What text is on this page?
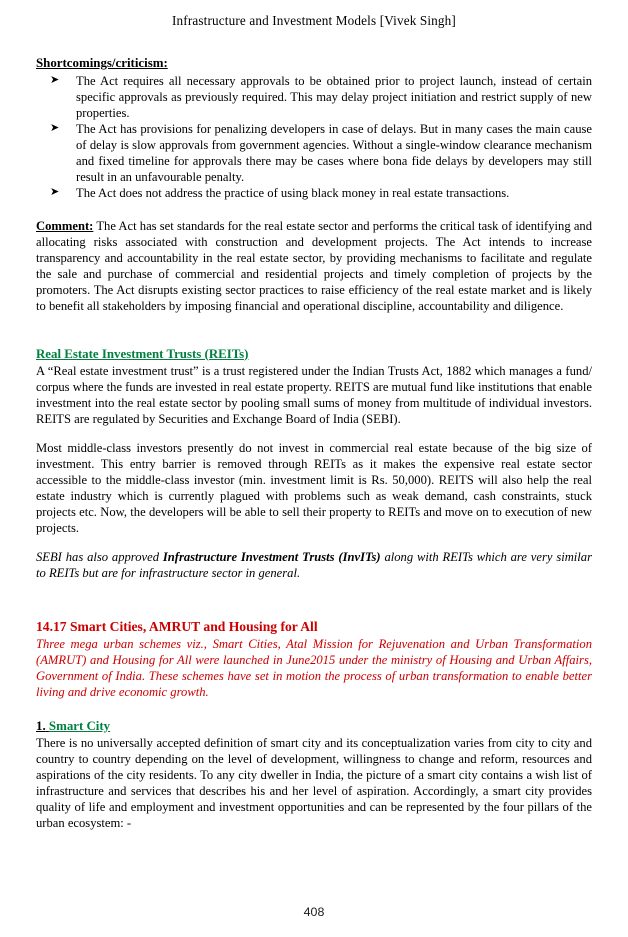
Infrastructure and Investment Models [Vivek Singh]
Shortcomings/criticism:
➤ The Act requires all necessary approvals to be obtained prior to project launch, instead of certain specific approvals as previously required. This may delay project initiation and restrict supply of new properties.
➤ The Act has provisions for penalizing developers in case of delays. But in many cases the main cause of delay is slow approvals from government agencies. Without a single-window clearance mechanism and fixed timeline for approvals there may be cases where bona fide delays by developers may still result in an unfavourable penalty.
➤ The Act does not address the practice of using black money in real estate transactions.

Comment: The Act has set standards for the real estate sector and performs the critical task of identifying and allocating risks associated with construction and development projects. The Act intends to increase transparency and accountability in the real estate sector, by providing mechanisms to facilitate and regulate the sale and purchase of commercial and residential projects and timely completion of projects by the promoters. The Act disrupts existing sector practices to raise efficiency of the real estate market and is likely to benefit all stakeholders by imposing financial and operational discipline, accountability and diligence.

Real Estate Investment Trusts (REITs)

A “Real estate investment trust” is a trust registered under the Indian Trusts Act, 1882 which manages a fund/ corpus where the funds are invested in real estate property. REITS are mutual fund like institutions that enable investment into the real estate sector by pooling small sums of money from multitude of individual investors. REITS are regulated by Securities and Exchange Board of India (SEBI).

Most middle-class investors presently do not invest in commercial real estate because of the big size of investment. This entry barrier is removed through REITs as it makes the expensive real estate sector accessible to the middle-class investor (min. investment limit is Rs. 50,000). REITS will also help the real estate industry which is currently plagued with problems such as weak demand, cash constraints, stuck projects etc. Now, the developers will be able to sell their property to REITs and move on to execution of new projects.

SEBI has also approved Infrastructure Investment Trusts (InvITs) along with REITs which are very similar to REITs but are for infrastructure sector in general.

14.17 Smart Cities, AMRUT and Housing for All

Three mega urban schemes viz., Smart Cities, Atal Mission for Rejuvenation and Urban Transformation (AMRUT) and Housing for All were launched in June2015 under the ministry of Housing and Urban Affairs, Government of India. These schemes have set in motion the process of urban transformation to enable better living and drive economic growth.

1. Smart City

There is no universally accepted definition of smart city and its conceptualization varies from city to city and country to country depending on the level of development, willingness to change and reform, resources and aspirations of the city residents. To any city dweller in India, the picture of a smart city contains a wish list of infrastructure and services that describes his and her level of aspiration. Accordingly, a smart city provides quality of life and employment and investment opportunities and can be represented by the four pillars of the urban ecosystem: -

408
